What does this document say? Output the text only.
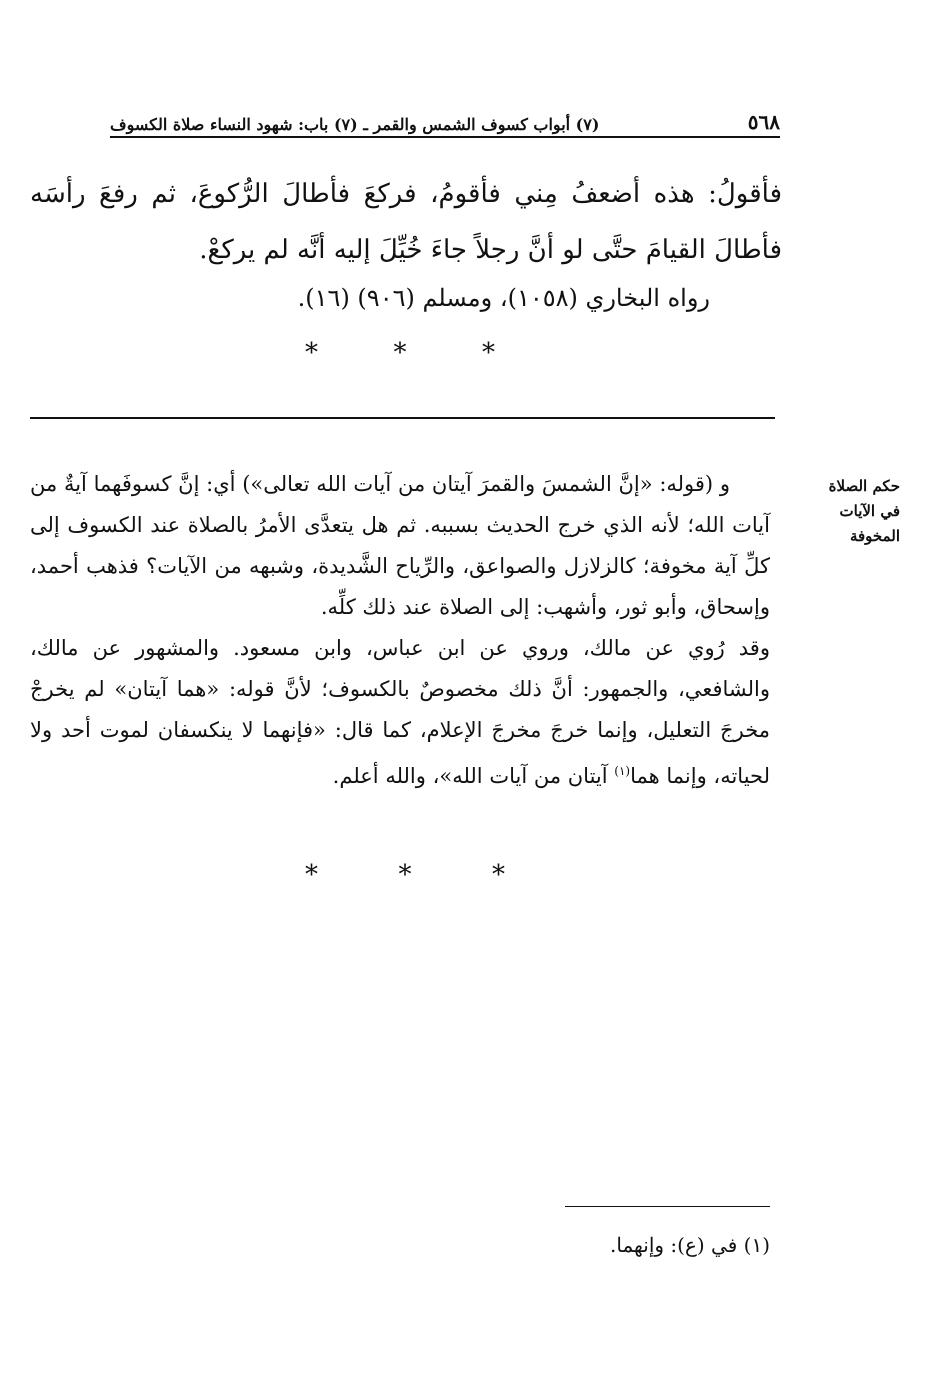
٥٦٨
(٧) أبواب كسوف الشمس والقمر ـ (٧) باب: شهود النساء صلاة الكسوف

فأقولُ: هذه أضعفُ مِني فأقومُ، فركعَ فأطالَ الرُّكوعَ، ثم رفعَ رأسَه فأطالَ القيامَ حتَّى لو أنَّ رجلاً جاءَ خُيِّلَ إليه أنَّه لم يركعْ.

رواه البخاري (١٠٥٨)، ومسلم (٩٠٦) (١٦).
*
*
*
حكم الصلاة
في الآيات
المخوفة

و (قوله: «إنَّ الشمسَ والقمرَ آيتان من آيات الله تعالى») أي: إنَّ كسوفَهما آيةٌ من آيات الله؛ لأنه الذي خرج الحديث بسببه. ثم هل يتعدَّى الأمرُ بالصلاة عند الكسوف إلى كلِّ آية مخوفة؛ كالزلازل والصواعق، والرِّياح الشَّديدة، وشبهه من الآيات؟ فذهب أحمد، وإسحاق، وأبو ثور، وأشهب: إلى الصلاة عند ذلك كلِّه.

وقد رُوي عن مالك، وروي عن ابن عباس، وابن مسعود. والمشهور عن مالك، والشافعي، والجمهور: أنَّ ذلك مخصوصٌ بالكسوف؛ لأنَّ قوله: «هما آيتان» لم يخرجْ مخرجَ التعليل، وإنما خرجَ مخرجَ الإعلام، كما قال: «فإنهما لا ينكسفان لموت أحد ولا لحياته، وإنما هما$^{(١)}$ آيتان من آيات الله»، والله أعلم.

*
*
*
(١) في (ع): وإنهما.
